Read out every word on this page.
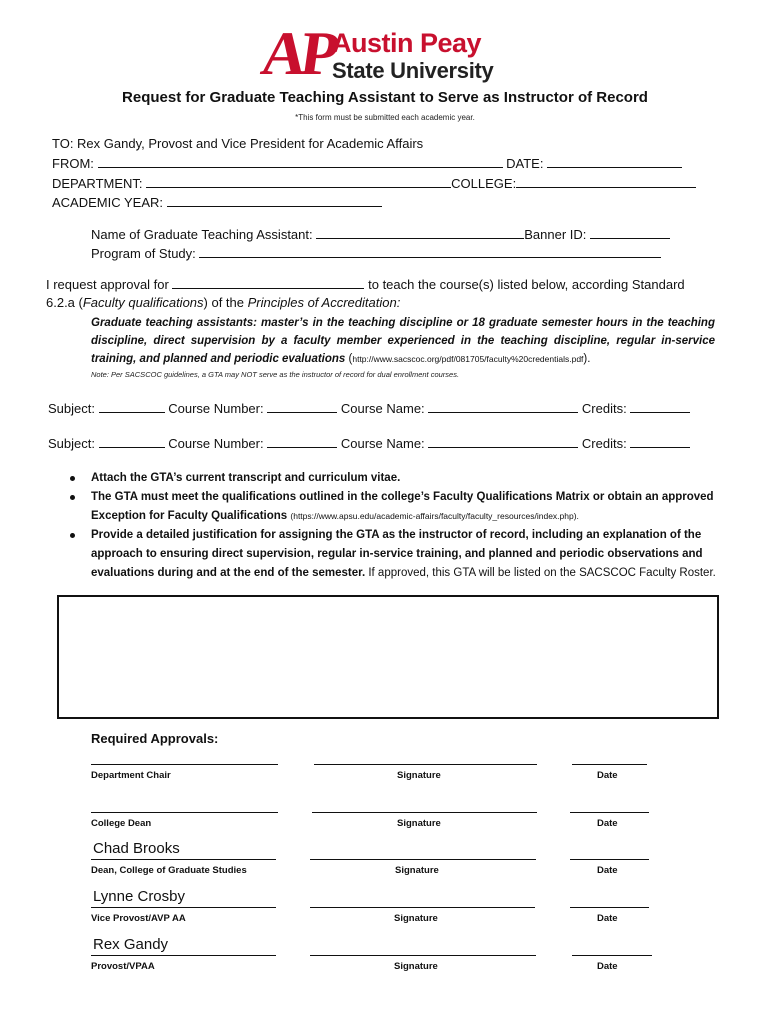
AP
Austin Peay
State University
Request for Graduate Teaching Assistant to Serve as Instructor of Record
*This form must be submitted each academic year.
TO: Rex Gandy, Provost and Vice President for Academic Affairs
FROM:	DATE:
DEPARTMENT:	COLLEGE:
ACADEMIC YEAR:
Name of Graduate Teaching Assistant:	Banner ID:
Program of Study:
I request approval for	to teach the course(s) listed below, according Standard
6.2.a (Faculty qualifications) of the Principles of Accreditation:
Graduate teaching assistants: master’s in the teaching discipline or 18 graduate semester hours in the teaching discipline, direct supervision by a faculty member experienced in the teaching discipline, regular in-service training, and planned and periodic evaluations (http://www.sacscoc.org/pdf/081705/faculty%20credentials.pdf).
Note: Per SACSCOC guidelines, a GTA may NOT serve as the instructor of record for dual enrollment courses.
Subject:	Course Number:	Course Name:	Credits:
Subject:	Course Number:	Course Name:	Credits:
Attach the GTA’s current transcript and curriculum vitae.
The GTA must meet the qualifications outlined in the college’s Faculty Qualifications Matrix or obtain an approved Exception for Faculty Qualifications (https://www.apsu.edu/academic-affairs/faculty/faculty_resources/index.php).
Provide a detailed justification for assigning the GTA as the instructor of record, including an explanation of the approach to ensuring direct supervision, regular in-service training, and planned and periodic observations and evaluations during and at the end of the semester. If approved, this GTA will be listed on the SACSCOC Faculty Roster.
Required Approvals:
Department Chair	Signature	Date
College Dean	Signature	Date
Chad Brooks
Dean, College of Graduate Studies	Signature	Date
Lynne Crosby
Vice Provost/AVP AA	Signature	Date
Rex Gandy
Provost/VPAA	Signature	Date
